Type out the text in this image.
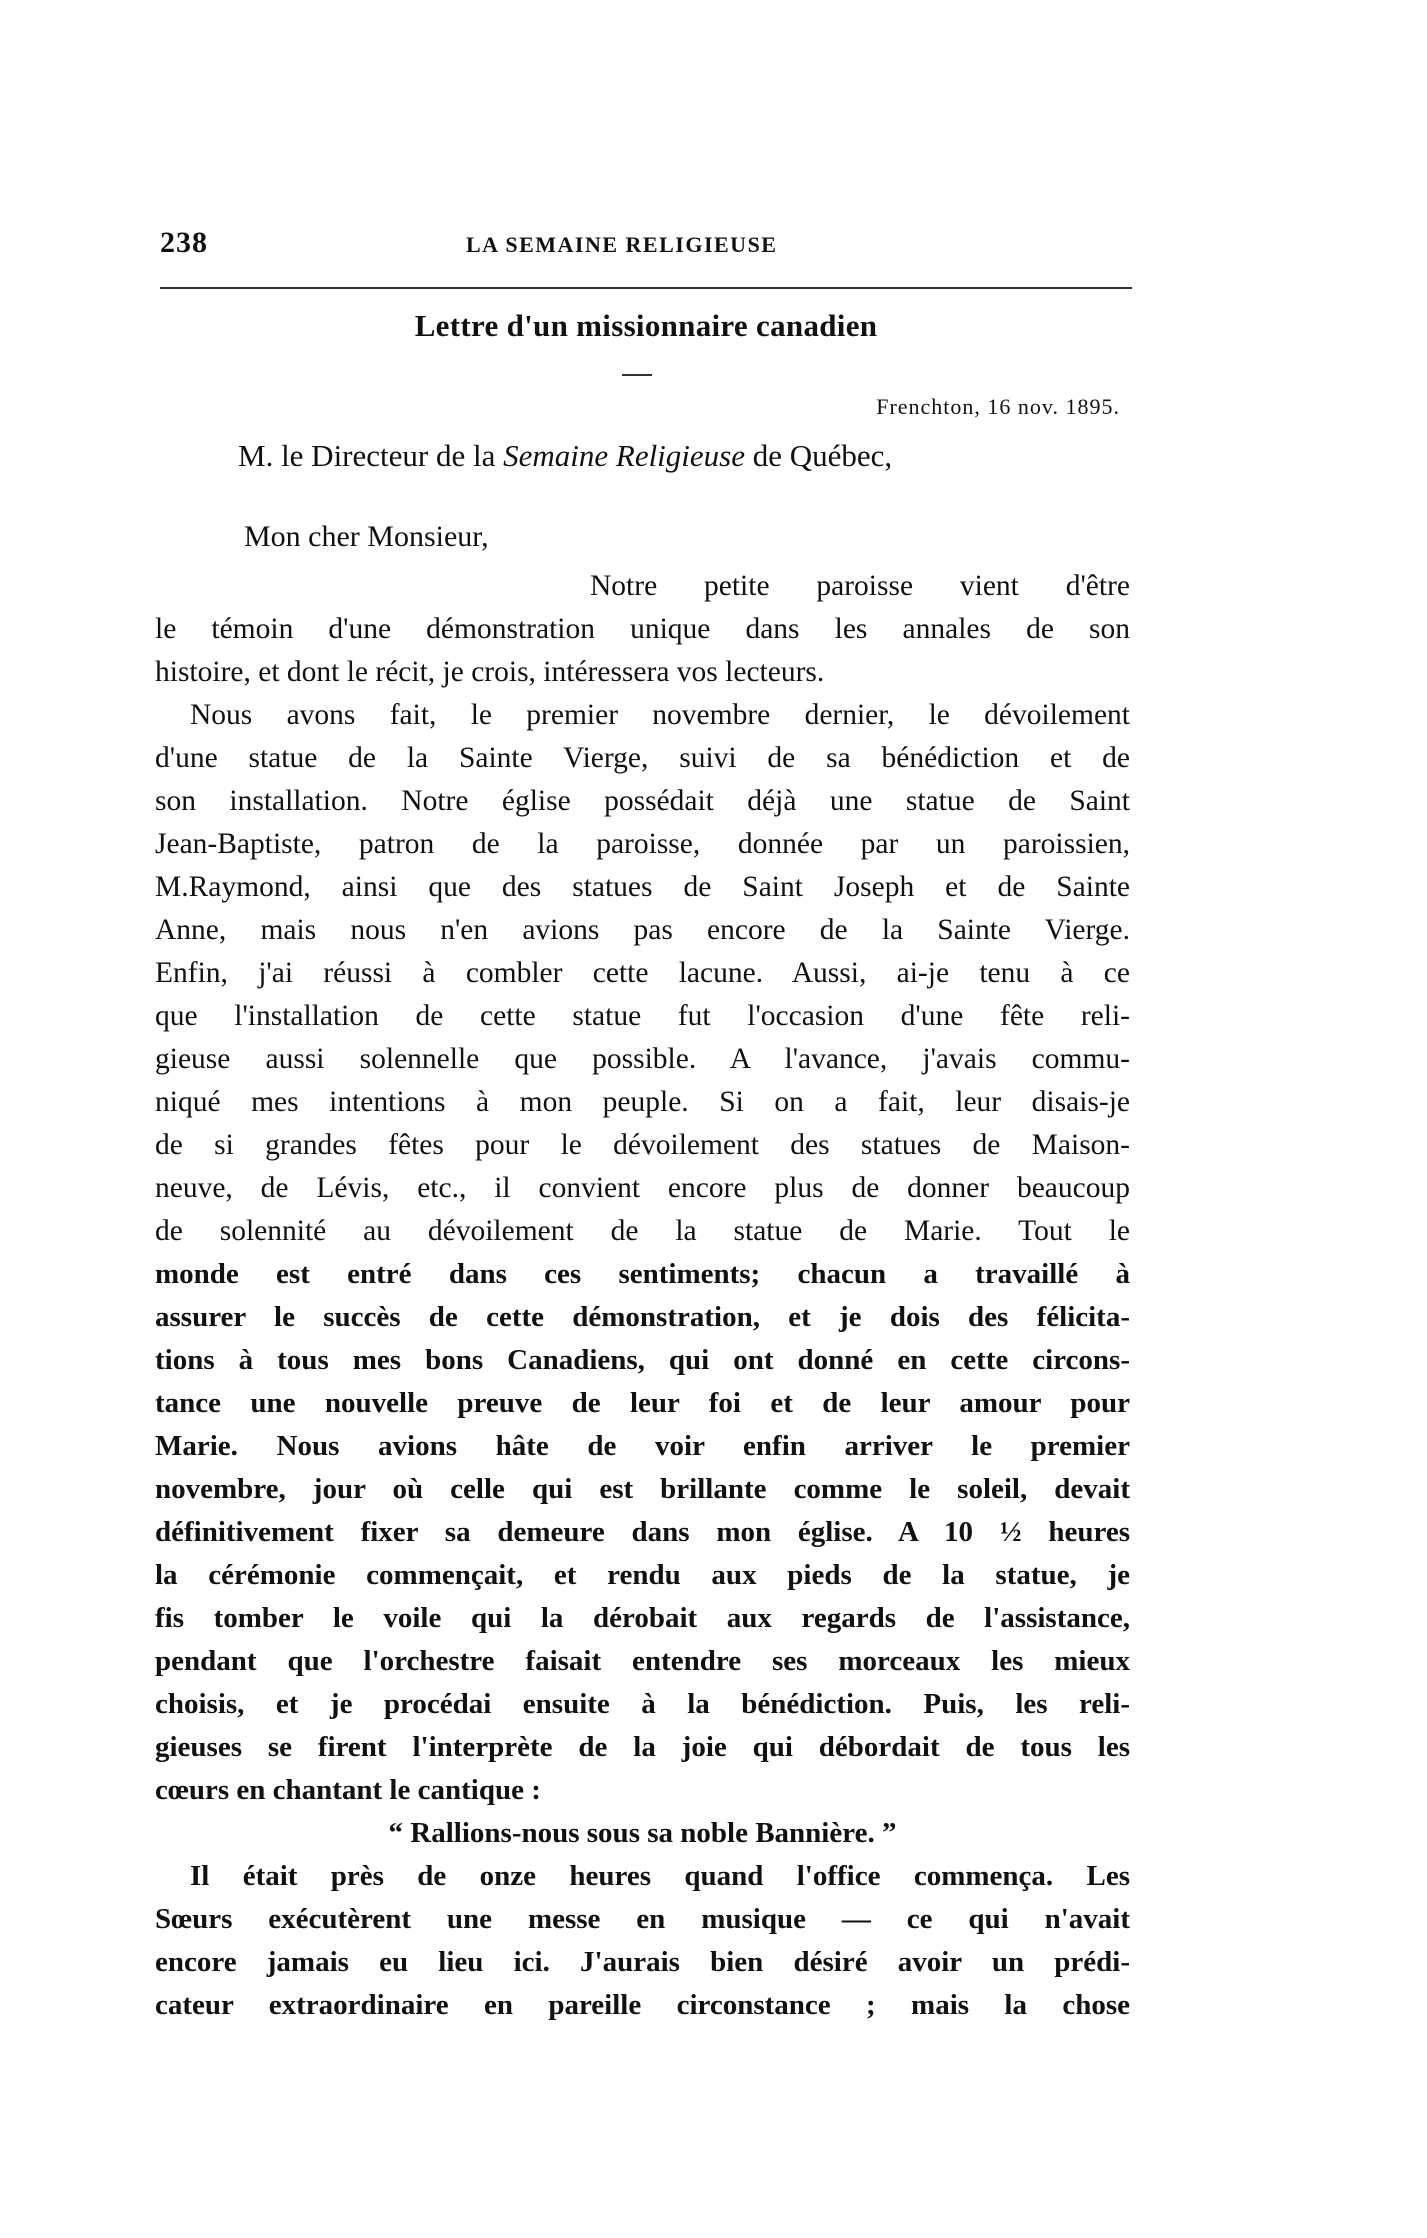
238	LA SEMAINE RELIGIEUSE
Lettre d'un missionnaire canadien
Frenchton, 16 nov. 1895.
M. le Directeur de la Semaine Religieuse de Québec,
Mon cher Monsieur,
Notre petite paroisse vient d'être
le témoin d'une démonstration unique dans les annales de son
histoire, et dont le récit, je crois, intéressera vos lecteurs.
Nous avons fait, le premier novembre dernier, le dévoilement
d'une statue de la Sainte Vierge, suivi de sa bénédiction et de
son installation. Notre église possédait déjà une statue de Saint
Jean-Baptiste, patron de la paroisse, donnée par un paroissien,
M.Raymond, ainsi que des statues de Saint Joseph et de Sainte
Anne, mais nous n'en avions pas encore de la Sainte Vierge.
Enfin, j'ai réussi à combler cette lacune. Aussi, ai-je tenu à ce
que l'installation de cette statue fut l'occasion d'une fête reli-
gieuse aussi solennelle que possible. A l'avance, j'avais commu-
niqué mes intentions à mon peuple. Si on a fait, leur disais-je
de si grandes fêtes pour le dévoilement des statues de Maison-
neuve, de Lévis, etc., il convient encore plus de donner beaucoup
de solennité au dévoilement de la statue de Marie. Tout le
monde est entré dans ces sentiments; chacun a travaillé à
assurer le succès de cette démonstration, et je dois des félicita-
tions à tous mes bons Canadiens, qui ont donné en cette circons-
tance une nouvelle preuve de leur foi et de leur amour pour
Marie. Nous avions hâte de voir enfin arriver le premier
novembre, jour où celle qui est brillante comme le soleil, devait
définitivement fixer sa demeure dans mon église. A 10 ½ heures
la cérémonie commençait, et rendu aux pieds de la statue, je
fis tomber le voile qui la dérobait aux regards de l'assistance,
pendant que l'orchestre faisait entendre ses morceaux les mieux
choisis, et je procédai ensuite à la bénédiction. Puis, les reli-
gieuses se firent l'interprète de la joie qui débordait de tous les
cœurs en chantant le cantique :
“ Rallions-nous sous sa noble Bannière. ”
Il était près de onze heures quand l'office commença. Les
Sœurs exécutèrent une messe en musique — ce qui n'avait
encore jamais eu lieu ici. J'aurais bien désiré avoir un prédi-
cateur extraordinaire en pareille circonstance ; mais la chose
